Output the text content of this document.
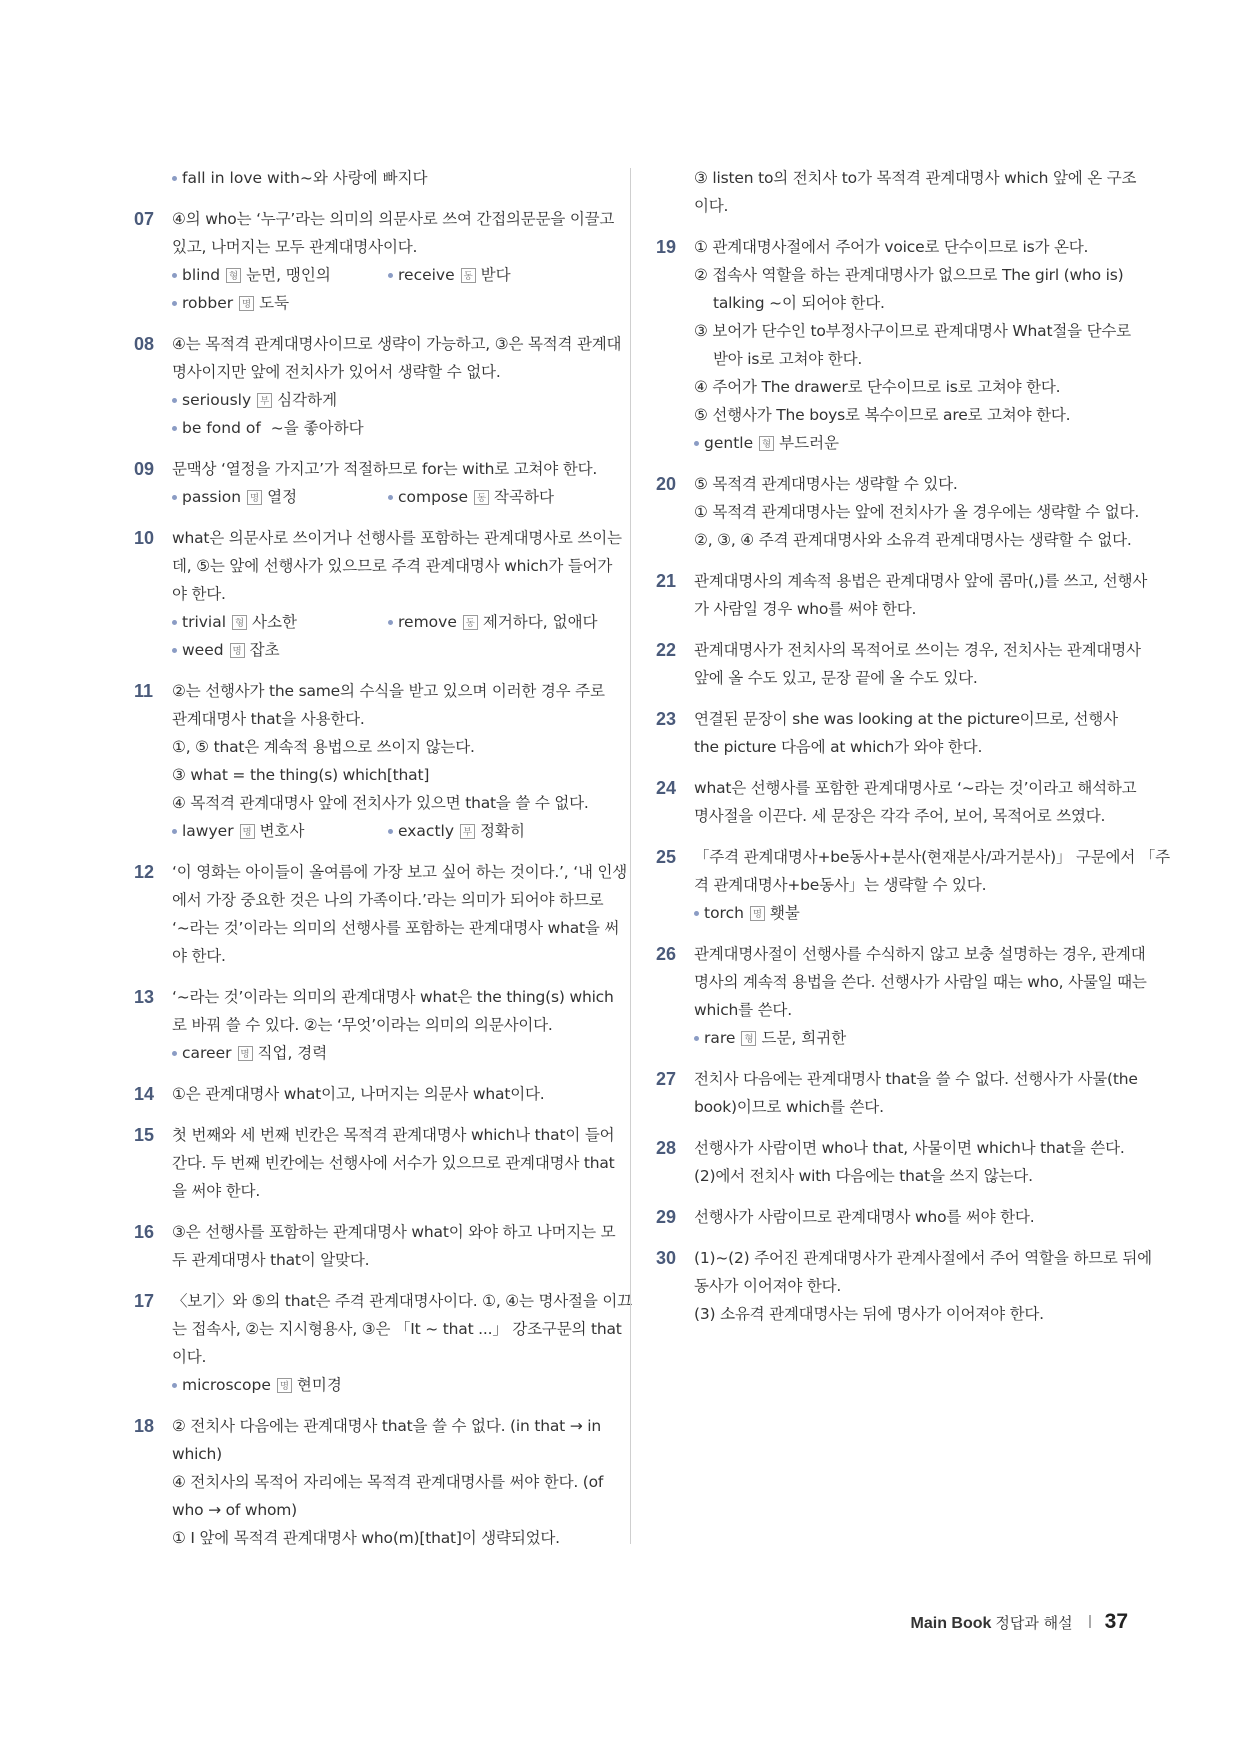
fall in love with ~와 사랑에 빠지다
07 ④의 who는 ‘누구’라는 의미의 의문사로 쓰여 간접의문문을 이끌고
있고, 나머지는 모두 관계대명사이다.
blind 형 눈먼, 맹인의	receive 동 받다
robber 명 도둑
08 ④는 목적격 관계대명사이므로 생략이 가능하고, ③은 목적격 관계대
명사이지만 앞에 전치사가 있어서 생략할 수 없다.
seriously 부 심각하게
be fond of ~을 좋아하다
09 문맥상 ‘열정을 가지고’가 적절하므로 for는 with로 고쳐야 한다.
passion 명 열정	compose 동 작곡하다
10 what은 의문사로 쓰이거나 선행사를 포함하는 관계대명사로 쓰이는
데, ⑤는 앞에 선행사가 있으므로 주격 관계대명사 which가 들어가
야 한다.
trivial 형 사소한	remove 동 제거하다, 없애다
weed 명 잡초
11 ②는 선행사가 the same의 수식을 받고 있으며 이러한 경우 주로
관계대명사 that을 사용한다.
①, ⑤ that은 계속적 용법으로 쓰이지 않는다.
③ what = the thing(s) which[that]
④ 목적격 관계대명사 앞에 전치사가 있으면 that을 쓸 수 없다.
lawyer 명 변호사	exactly 부 정확히
12 ‘이 영화는 아이들이 올여름에 가장 보고 싶어 하는 것이다.’, ‘내 인생
에서 가장 중요한 것은 나의 가족이다.’라는 의미가 되어야 하므로
‘~라는 것’이라는 의미의 선행사를 포함하는 관계대명사 what을 써
야 한다.
13 ‘~라는 것’이라는 의미의 관계대명사 what은 the thing(s) which
로 바꿔 쓸 수 있다. ②는 ‘무엇’이라는 의미의 의문사이다.
career 명 직업, 경력
14 ①은 관계대명사 what이고, 나머지는 의문사 what이다.
15 첫 번째와 세 번째 빈칸은 목적격 관계대명사 which나 that이 들어
간다. 두 번째 빈칸에는 선행사에 서수가 있으므로 관계대명사 that
을 써야 한다.
16 ③은 선행사를 포함하는 관계대명사 what이 와야 하고 나머지는 모
두 관계대명사 that이 알맞다.
17 〈보기〉와 ⑤의 that은 주격 관계대명사이다. ①, ④는 명사절을 이끄
는 접속사, ②는 지시형용사, ③은 「It ~ that ...」 강조구문의 that
이다.
microscope 명 현미경
18 ② 전치사 다음에는 관계대명사 that을 쓸 수 없다. (in that → in
which)
④ 전치사의 목적어 자리에는 목적격 관계대명사를 써야 한다. (of
who → of whom)
① I 앞에 목적격 관계대명사 who(m)[that]이 생략되었다.
③ listen to의 전치사 to가 목적격 관계대명사 which 앞에 온 구조
이다.
19 ① 관계대명사절에서 주어가 voice로 단수이므로 is가 온다.
② 접속사 역할을 하는 관계대명사가 없으므로 The girl (who is)
talking ~이 되어야 한다.
③ 보어가 단수인 to부정사구이므로 관계대명사 What절을 단수로
받아 is로 고쳐야 한다.
④ 주어가 The drawer로 단수이므로 is로 고쳐야 한다.
⑤ 선행사가 The boys로 복수이므로 are로 고쳐야 한다.
gentle 형 부드러운
20 ⑤ 목적격 관계대명사는 생략할 수 있다.
① 목적격 관계대명사는 앞에 전치사가 올 경우에는 생략할 수 없다.
②, ③, ④ 주격 관계대명사와 소유격 관계대명사는 생략할 수 없다.
21 관계대명사의 계속적 용법은 관계대명사 앞에 콤마(,)를 쓰고, 선행사
가 사람일 경우 who를 써야 한다.
22 관계대명사가 전치사의 목적어로 쓰이는 경우, 전치사는 관계대명사
앞에 올 수도 있고, 문장 끝에 올 수도 있다.
23 연결된 문장이 she was looking at the picture이므로, 선행사
the picture 다음에 at which가 와야 한다.
24 what은 선행사를 포함한 관계대명사로 ‘~라는 것’이라고 해석하고
명사절을 이끈다. 세 문장은 각각 주어, 보어, 목적어로 쓰였다.
25 「주격 관계대명사+be동사+분사(현재분사/과거분사)」 구문에서 「주
격 관계대명사+be동사」는 생략할 수 있다.
torch 명 횃불
26 관계대명사절이 선행사를 수식하지 않고 보충 설명하는 경우, 관계대
명사의 계속적 용법을 쓴다. 선행사가 사람일 때는 who, 사물일 때는
which를 쓴다.
rare 형 드문, 희귀한
27 전치사 다음에는 관계대명사 that을 쓸 수 없다. 선행사가 사물(the
book)이므로 which를 쓴다.
28 선행사가 사람이면 who나 that, 사물이면 which나 that을 쓴다.
(2)에서 전치사 with 다음에는 that을 쓰지 않는다.
29 선행사가 사람이므로 관계대명사 who를 써야 한다.
30 (1)~(2) 주어진 관계대명사가 관계사절에서 주어 역할을 하므로 뒤에
동사가 이어져야 한다.
(3) 소유격 관계대명사는 뒤에 명사가 이어져야 한다.
Main Book 정답과 해설 37
